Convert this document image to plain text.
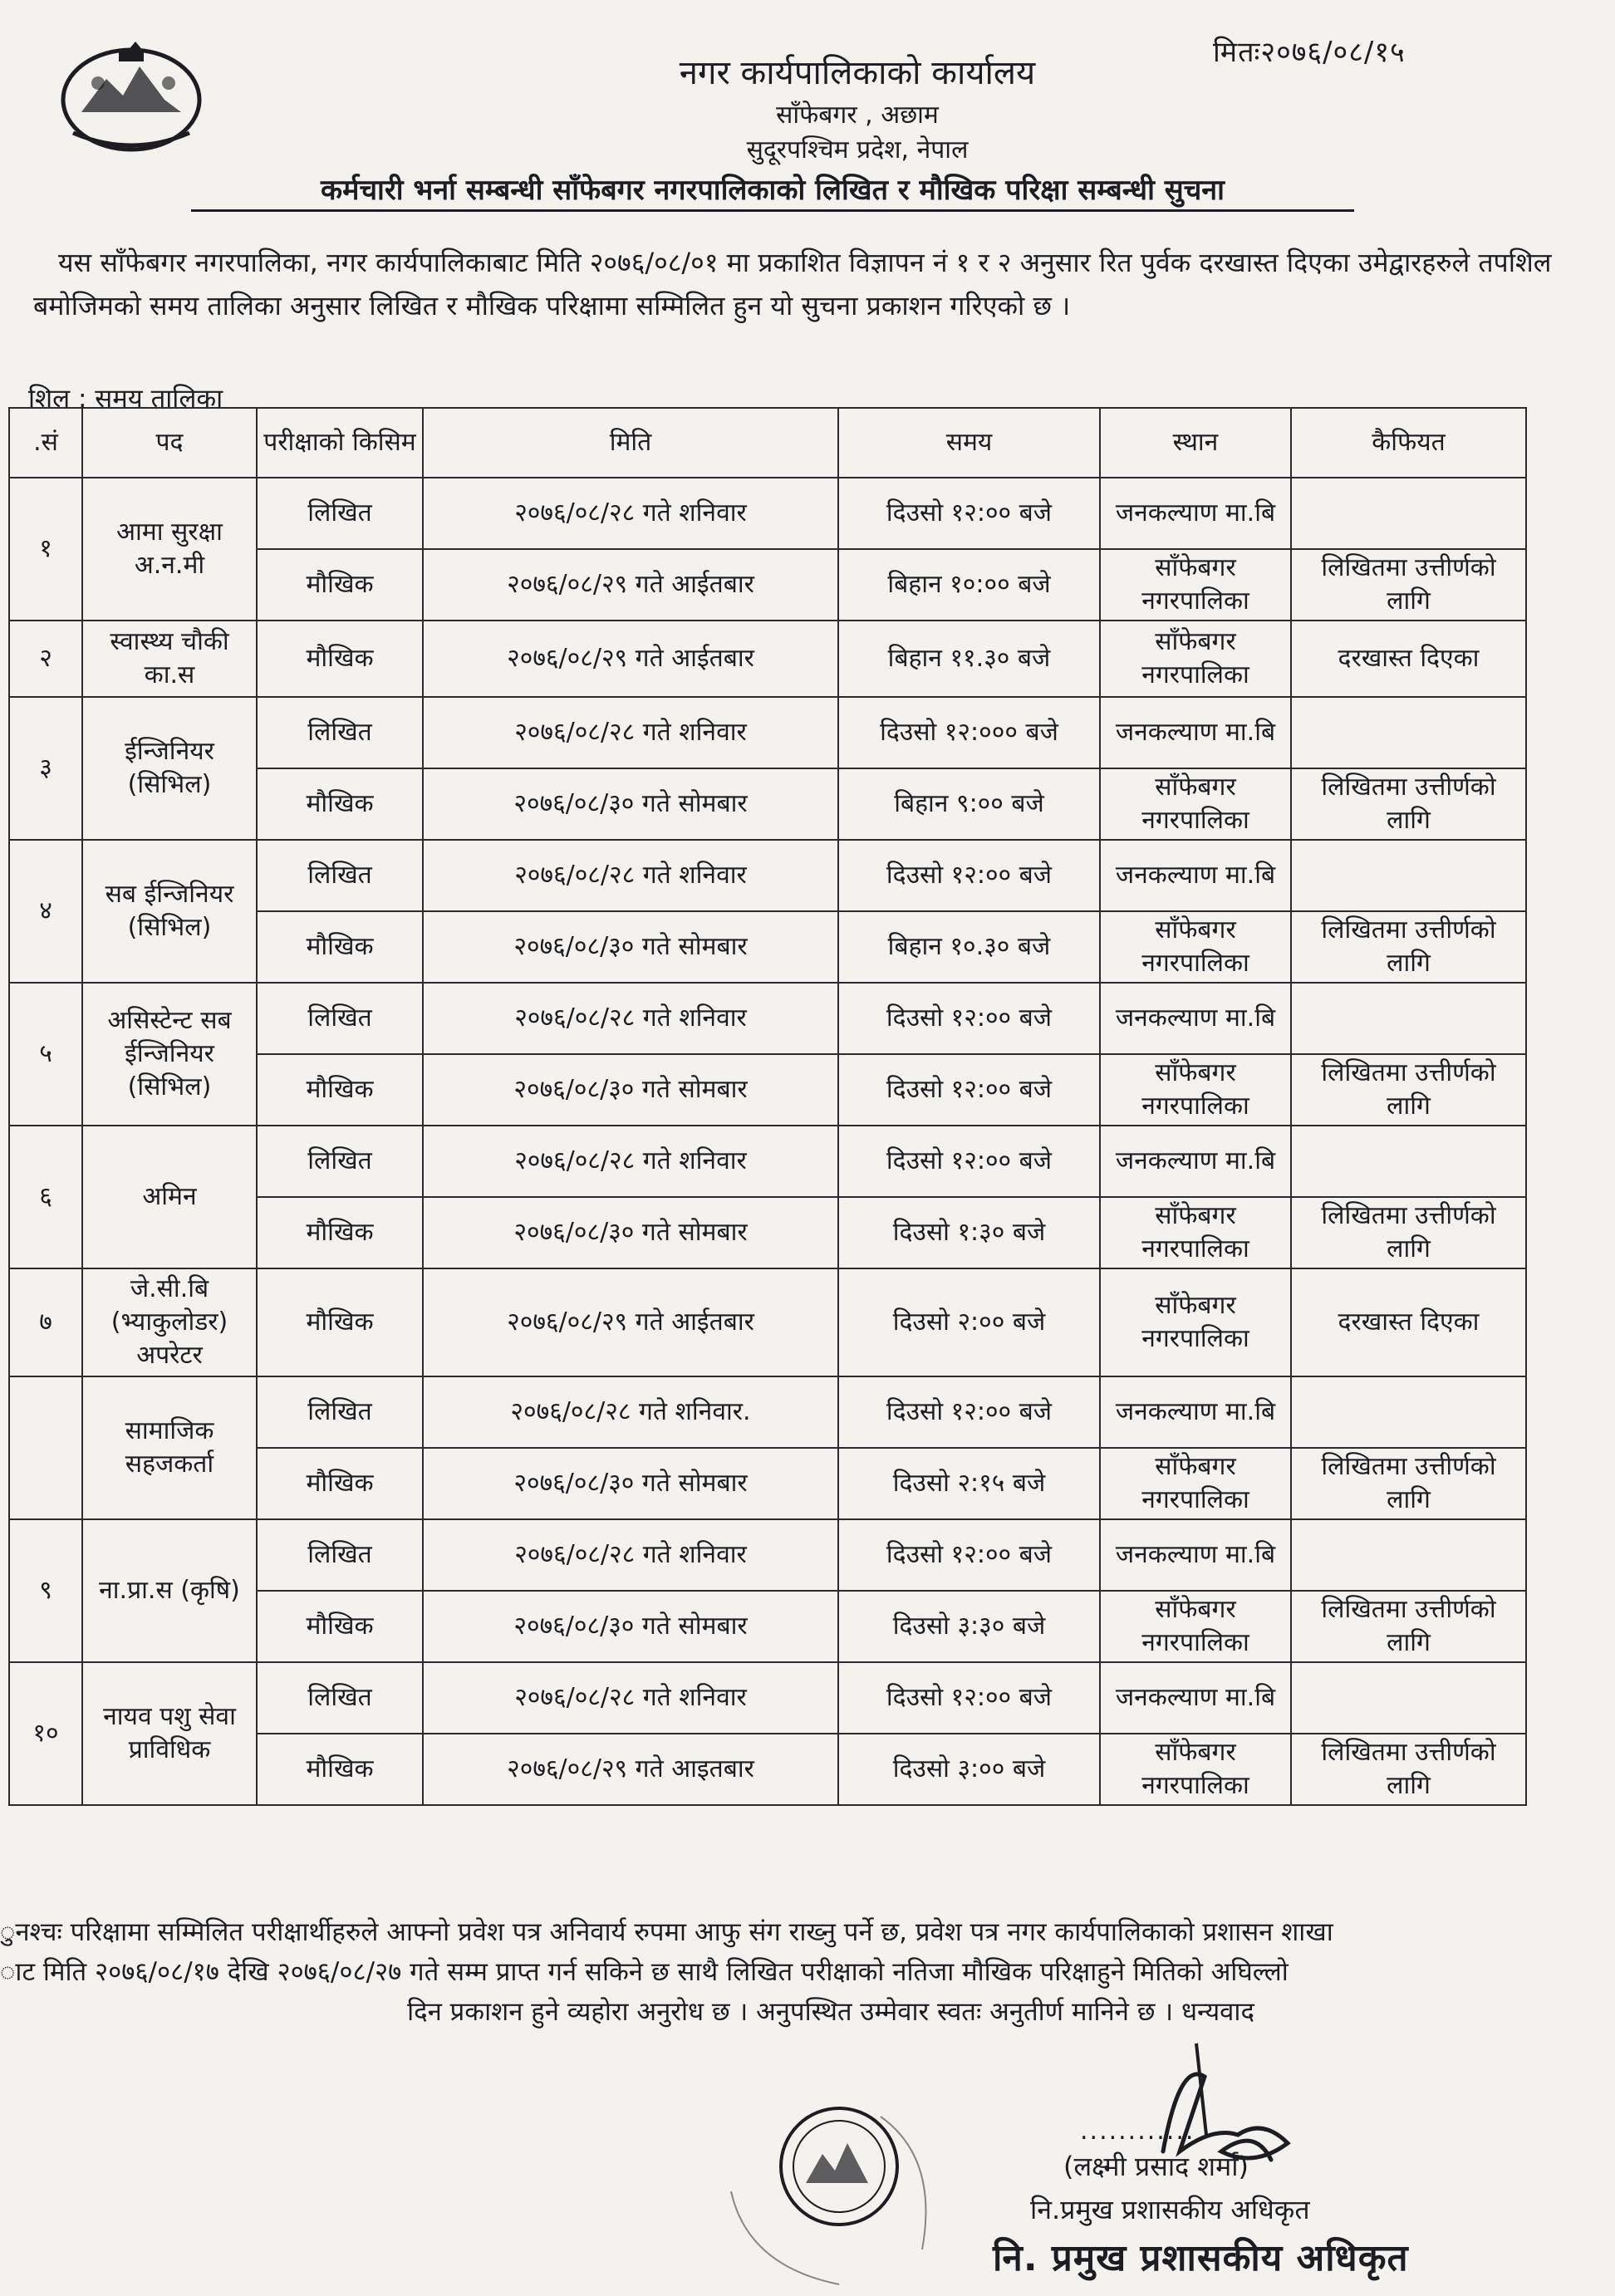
मितः२०७६/०८/१५
नगर कार्यपालिकाको कार्यालय
साँफेबगर , अछाम
सुदूरपश्चिम प्रदेश, नेपाल
कर्मचारी भर्ना सम्बन्धी साँफेबगर नगरपालिकाको लिखित र मौखिक परिक्षा सम्बन्धी सुचना
यस साँफेबगर नगरपालिका, नगर कार्यपालिकाबाट मिति २०७६/०८/०१ मा प्रकाशित विज्ञापन नं १ र २ अनुसार रित पुर्वक दरखास्त दिएका उमेद्वारहरुले तपशिल बमोजिमको समय तालिका अनुसार लिखित र मौखिक परिक्षामा सम्मिलित हुन यो सुचना प्रकाशन गरिएको छ ।
शिल : समय तालिका
.सं	पद	परीक्षाको किसिम	मिति	समय	स्थान	कैफियत
१	आमा सुरक्षा अ.न.मी	लिखित	२०७६/०८/२८ गते शनिवार	दिउसो १२:०० बजे	जनकल्याण मा.बि	
		मौखिक	२०७६/०८/२९ गते आईतबार	बिहान १०:०० बजे	साँफेबगर नगरपालिका	लिखितमा उत्तीर्णको लागि
२	स्वास्थ्य चौकी का.स	मौखिक	२०७६/०८/२९ गते आईतबार	बिहान ११.३० बजे	साँफेबगर नगरपालिका	दरखास्त दिएका
३	ईन्जिनियर (सिभिल)	लिखित	२०७६/०८/२८ गते शनिवार	दिउसो १२:००० बजे	जनकल्याण मा.बि	
		मौखिक	२०७६/०८/३० गते सोमबार	बिहान ९:०० बजे	साँफेबगर नगरपालिका	लिखितमा उत्तीर्णको लागि
४	सब ईन्जिनियर (सिभिल)	लिखित	२०७६/०८/२८ गते शनिवार	दिउसो १२:०० बजे	जनकल्याण मा.बि	
		मौखिक	२०७६/०८/३० गते सोमबार	बिहान १०.३० बजे	साँफेबगर नगरपालिका	लिखितमा उत्तीर्णको लागि
५	असिस्टेन्ट सब ईन्जिनियर (सिभिल)	लिखित	२०७६/०८/२८ गते शनिवार	दिउसो १२:०० बजे	जनकल्याण मा.बि	
		मौखिक	२०७६/०८/३० गते सोमबार	दिउसो १२:०० बजे	साँफेबगर नगरपालिका	लिखितमा उत्तीर्णको लागि
६	अमिन	लिखित	२०७६/०८/२८ गते शनिवार	दिउसो १२:०० बजे	जनकल्याण मा.बि	
		मौखिक	२०७६/०८/३० गते सोमबार	दिउसो १:३० बजे	साँफेबगर नगरपालिका	लिखितमा उत्तीर्णको लागि
७	जे.सी.बि (भ्याकुलोडर) अपरेटर	मौखिक	२०७६/०८/२९ गते आईतबार	दिउसो २:०० बजे	साँफेबगर नगरपालिका	दरखास्त दिएका
	सामाजिक सहजकर्ता	लिखित	२०७६/०८/२८ गते शनिवार.	दिउसो १२:०० बजे	जनकल्याण मा.बि	
		मौखिक	२०७६/०८/३० गते सोमबार	दिउसो २:१५ बजे	साँफेबगर नगरपालिका	लिखितमा उत्तीर्णको लागि
९	ना.प्रा.स (कृषि)	लिखित	२०७६/०८/२८ गते शनिवार	दिउसो १२:०० बजे	जनकल्याण मा.बि	
		मौखिक	२०७६/०८/३० गते सोमबार	दिउसो ३:३० बजे	साँफेबगर नगरपालिका	लिखितमा उत्तीर्णको लागि
१०	नायव पशु सेवा प्राविधिक	लिखित	२०७६/०८/२८ गते शनिवार	दिउसो १२:०० बजे	जनकल्याण मा.बि	
		मौखिक	२०७६/०८/२९ गते आइतबार	दिउसो ३:०० बजे	साँफेबगर नगरपालिका	लिखितमा उत्तीर्णको लागि
ुनश्चः परिक्षामा सम्मिलित परीक्षार्थीहरुले आफ्नो प्रवेश पत्र अनिवार्य रुपमा आफु संग राख्नु पर्ने छ, प्रवेश पत्र नगर कार्यपालिकाको प्रशासन शाखा
ाट मिति २०७६/०८/१७ देखि २०७६/०८/२७ गते सम्म प्राप्त गर्न सकिने छ साथै लिखित परीक्षाको नतिजा मौखिक परिक्षाहुने मितिको अघिल्लो
दिन प्रकाशन हुने व्यहोरा अनुरोध छ । अनुपस्थित उम्मेवार स्वतः अनुतीर्ण मानिने छ । धन्यवाद
............
(लक्ष्मी प्रसाद शर्मा)
नि.प्रमुख प्रशासकीय अधिकृत
नि. प्रमुख प्रशासकीय अधिकृत
